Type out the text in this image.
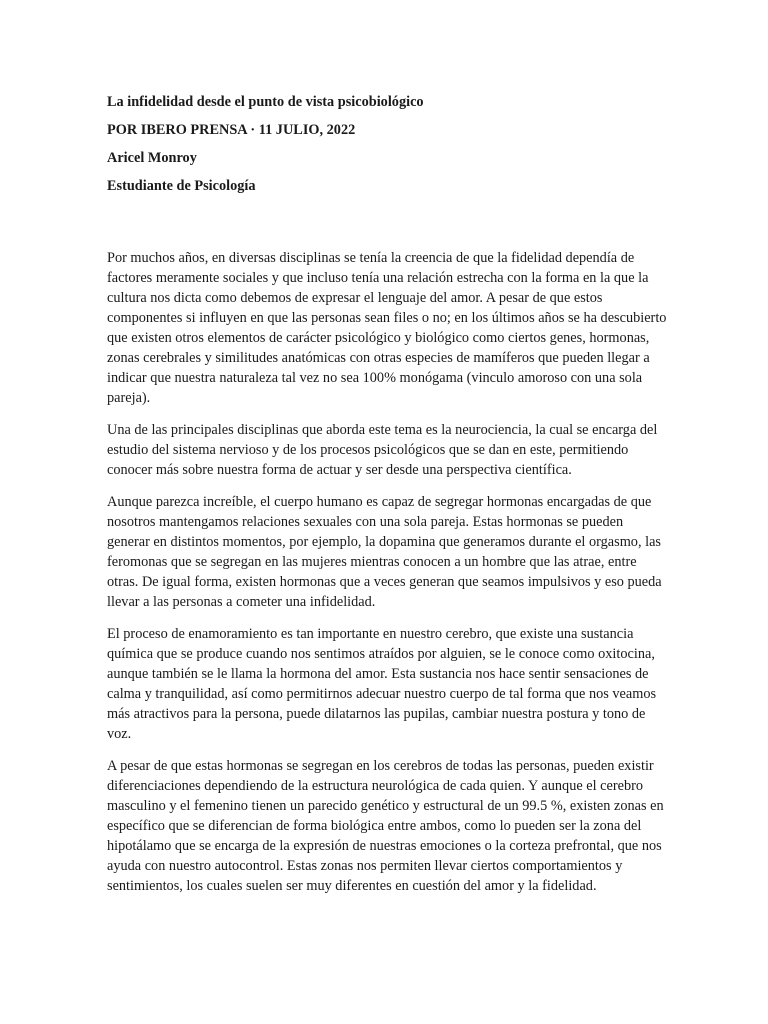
La infidelidad desde el punto de vista psicobiológico
POR IBERO PRENSA · 11 JULIO, 2022
Aricel Monroy
Estudiante de Psicología

Por muchos años, en diversas disciplinas se tenía la creencia de que la fidelidad dependía de factores meramente sociales y que incluso tenía una relación estrecha con la forma en la que la cultura nos dicta como debemos de expresar el lenguaje del amor. A pesar de que estos componentes si influyen en que las personas sean files o no; en los últimos años se ha descubierto que existen otros elementos de carácter psicológico y biológico como ciertos genes, hormonas, zonas cerebrales y similitudes anatómicas con otras especies de mamíferos que pueden llegar a indicar que nuestra naturaleza tal vez no sea 100% monógama (vinculo amoroso con una sola pareja).

Una de las principales disciplinas que aborda este tema es la neurociencia, la cual se encarga del estudio del sistema nervioso y de los procesos psicológicos que se dan en este, permitiendo conocer más sobre nuestra forma de actuar y ser desde una perspectiva científica.

Aunque parezca increíble, el cuerpo humano es capaz de segregar hormonas encargadas de que nosotros mantengamos relaciones sexuales con una sola pareja. Estas hormonas se pueden generar en distintos momentos, por ejemplo, la dopamina que generamos durante el orgasmo, las feromonas que se segregan en las mujeres mientras conocen a un hombre que las atrae, entre otras. De igual forma, existen hormonas que a veces generan que seamos impulsivos y eso pueda llevar a las personas a cometer una infidelidad.

El proceso de enamoramiento es tan importante en nuestro cerebro, que existe una sustancia química que se produce cuando nos sentimos atraídos por alguien, se le conoce como oxitocina, aunque también se le llama la hormona del amor. Esta sustancia nos hace sentir sensaciones de calma y tranquilidad, así como permitirnos adecuar nuestro cuerpo de tal forma que nos veamos más atractivos para la persona, puede dilatarnos las pupilas, cambiar nuestra postura y tono de voz.

A pesar de que estas hormonas se segregan en los cerebros de todas las personas, pueden existir diferenciaciones dependiendo de la estructura neurológica de cada quien. Y aunque el cerebro masculino y el femenino tienen un parecido genético y estructural de un 99.5 %, existen zonas en específico que se diferencian de forma biológica entre ambos, como lo pueden ser la zona del hipotálamo que se encarga de la expresión de nuestras emociones o la corteza prefrontal, que nos ayuda con nuestro autocontrol. Estas zonas nos permiten llevar ciertos comportamientos y sentimientos, los cuales suelen ser muy diferentes en cuestión del amor y la fidelidad.
